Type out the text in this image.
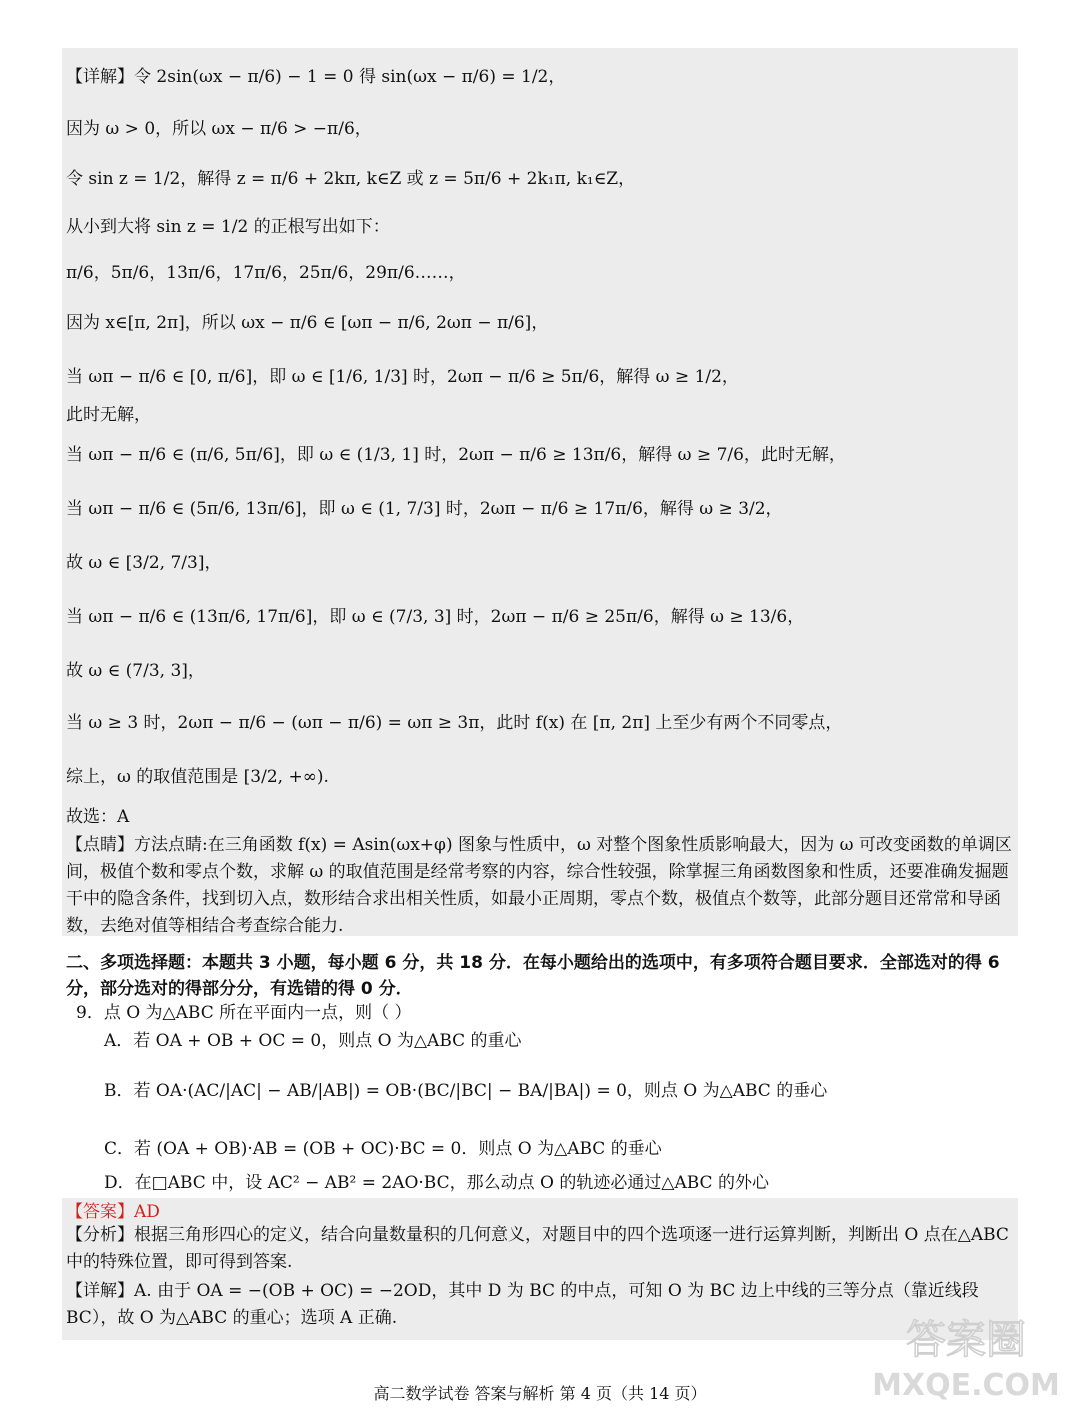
【详解】令 2sin(ωx − π/6) − 1 = 0 得 sin(ωx − π/6) = 1/2，
因为 ω > 0，所以 ωx − π/6 > −π/6，
令 sin z = 1/2，解得 z = π/6 + 2kπ, k∈Z 或 z = 5π/6 + 2k₁π, k₁∈Z，
从小到大将 sin z = 1/2 的正根写出如下：
π/6，5π/6，13π/6，17π/6，25π/6，29π/6……，
因为 x∈[π, 2π]，所以 ωx − π/6 ∈ [ωπ − π/6, 2ωπ − π/6]，
当 ωπ − π/6 ∈ [0, π/6]，即 ω ∈ [1/6, 1/3] 时，2ωπ − π/6 ≥ 5π/6，解得 ω ≥ 1/2，
此时无解，
当 ωπ − π/6 ∈ (π/6, 5π/6]，即 ω ∈ (1/3, 1] 时，2ωπ − π/6 ≥ 13π/6，解得 ω ≥ 7/6，此时无解，
当 ωπ − π/6 ∈ (5π/6, 13π/6]，即 ω ∈ (1, 7/3] 时，2ωπ − π/6 ≥ 17π/6，解得 ω ≥ 3/2，
故 ω ∈ [3/2, 7/3]，
当 ωπ − π/6 ∈ (13π/6, 17π/6]，即 ω ∈ (7/3, 3] 时，2ωπ − π/6 ≥ 25π/6，解得 ω ≥ 13/6，
故 ω ∈ (7/3, 3]，
当 ω ≥ 3 时，2ωπ − π/6 − (ωπ − π/6) = ωπ ≥ 3π，此时 f(x) 在 [π, 2π] 上至少有两个不同零点，
综上，ω 的取值范围是 [3/2, +∞).
故选：A
【点睛】方法点睛:在三角函数 f(x) = Asin(ωx+φ) 图象与性质中，ω 对整个图象性质影响最大，因为 ω 可改变函数的单调区间，极值个数和零点个数，求解 ω 的取值范围是经常考察的内容，综合性较强，除掌握三角函数图象和性质，还要准确发掘题干中的隐含条件，找到切入点，数形结合求出相关性质，如最小正周期，零点个数，极值点个数等，此部分题目还常常和导函数，去绝对值等相结合考查综合能力.
二、多项选择题：本题共 3 小题，每小题 6 分，共 18 分．在每小题给出的选项中，有多项符合题目要求．全部选对的得 6 分，部分选对的得部分分，有选错的得 0 分．
9．点 O 为△ABC 所在平面内一点，则（ ）
A．若 OA + OB + OC = 0，则点 O 为△ABC 的重心
B．若 OA·(AC/|AC| − AB/|AB|) = OB·(BC/|BC| − BA/|BA|) = 0，则点 O 为△ABC 的垂心
C．若 (OA + OB)·AB = (OB + OC)·BC = 0．则点 O 为△ABC 的垂心
D．在□ABC 中，设 AC² − AB² = 2AO·BC，那么动点 O 的轨迹必通过△ABC 的外心
【答案】AD
【分析】根据三角形四心的定义，结合向量数量积的几何意义，对题目中的四个选项逐一进行运算判断，判断出 O 点在△ABC 中的特殊位置，即可得到答案.
【详解】A. 由于 OA = −(OB + OC) = −2OD，其中 D 为 BC 的中点，可知 O 为 BC 边上中线的三等分点（靠近线段 BC），故 O 为△ABC 的重心；选项 A 正确.
高二数学试卷 答案与解析 第 4 页（共 14 页）
答案圈
MXQE.COM
